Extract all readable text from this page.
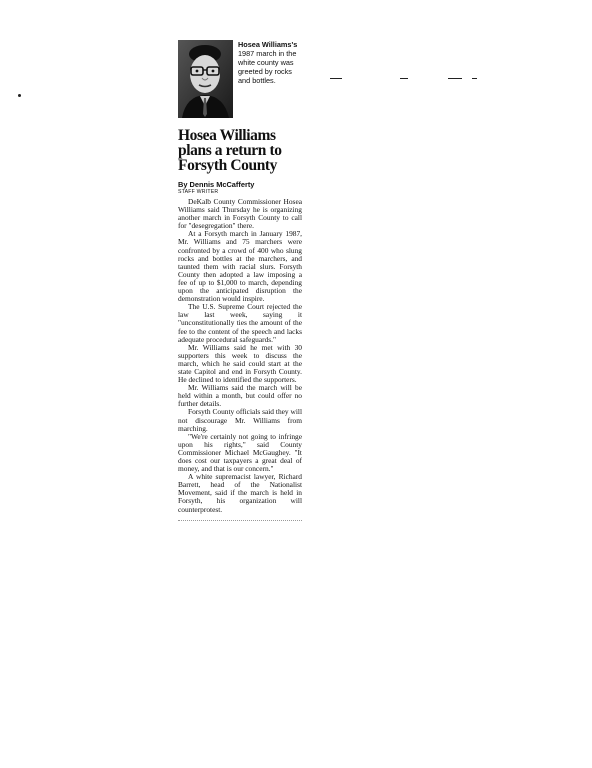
Hosea Williams's
1987 march in the white county was greeted by rocks and bottles.
Hosea Williams plans a return to Forsyth County
By Dennis McCafferty
STAFF WRITER

DeKalb County Commissioner Hosea Williams said Thursday he is organizing another march in Forsyth County to call for "desegregation" there.

At a Forsyth march in January 1987, Mr. Williams and 75 marchers were confronted by a crowd of 400 who slung rocks and bottles at the marchers, and taunted them with racial slurs. Forsyth County then adopted a law imposing a fee of up to $1,000 to march, depending upon the anticipated disruption the demonstration would inspire.

The U.S. Supreme Court rejected the law last week, saying it "unconstitutionally ties the amount of the fee to the content of the speech and lacks adequate procedural safeguards."

Mr. Williams said he met with 30 supporters this week to discuss the march, which he said could start at the state Capitol and end in Forsyth County. He declined to identified the supporters.

Mr. Williams said the march will be held within a month, but could offer no further details.

Forsyth County officials said they will not discourage Mr. Williams from marching.

"We're certainly not going to infringe upon his rights," said County Commissioner Michael McGaughey. "It does cost our taxpayers a great deal of money, and that is our concern."

A white supremacist lawyer, Richard Barrett, head of the Nationalist Movement, said if the march is held in Forsyth, his organization will counterprotest.
